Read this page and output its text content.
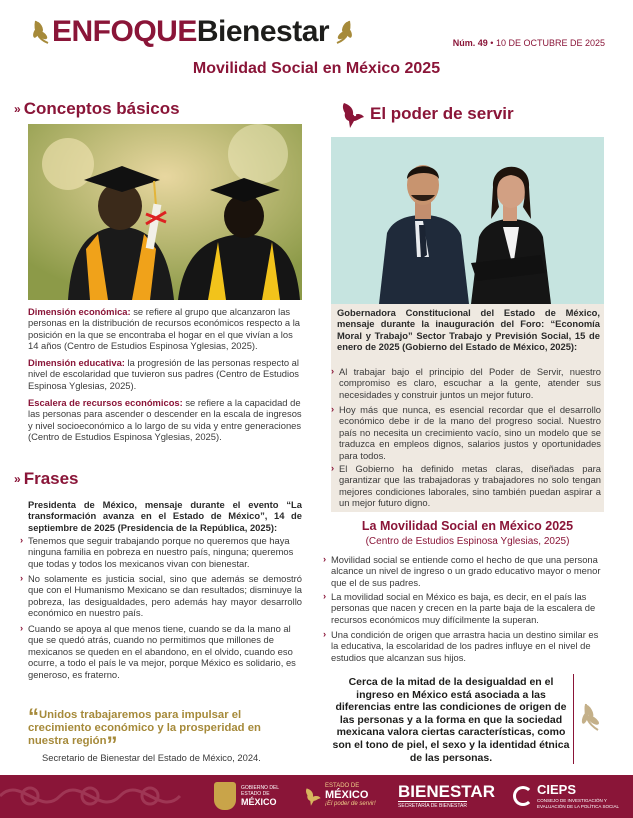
ENFOQUE Bienestar	Núm. 49 • 10 DE OCTUBRE DE 2025
Movilidad Social en México 2025
» Conceptos básicos
Dimensión económica: se refiere al grupo que alcanzaron las personas en la distribución de recursos económicos respecto a la posición en la que se encontraba el hogar en el que vivían a los 14 años (Centro de Estudios Espinosa Yglesias, 2025).
Dimensión educativa: la progresión de las personas respecto al nivel de escolaridad que tuvieron sus padres (Centro de Estudios Espinosa Yglesias, 2025).
Escalera de recursos económicos: se refiere a la capacidad de las personas para ascender o descender en la escala de ingresos y nivel socioeconómico a lo largo de su vida y entre generaciones (Centro de Estudios Espinosa Yglesias, 2025).
» Frases
Presidenta de México, mensaje durante el evento “La transformación avanza en el Estado de México”, 14 de septiembre de 2025 (Presidencia de la República, 2025):
› Tenemos que seguir trabajando porque no queremos que haya ninguna familia en pobreza en nuestro país, ninguna; queremos que todas y todos los mexicanos vivan con bienestar.
› No solamente es justicia social, sino que además se demostró que con el Humanismo Mexicano se dan resultados; disminuye la pobreza, las desigualdades, pero además hay mayor desarrollo económico en nuestro país.
› Cuando se apoya al que menos tiene, cuando se da la mano al que se quedó atrás, cuando no permitimos que millones de mexicanos se queden en el abandono, en el olvido, cuando eso ocurre, a todo el país le va mejor, porque México es solidario, es generoso, es fraterno.
“Unidos trabajaremos para impulsar el crecimiento económico y la prosperidad en nuestra región”
Secretario de Bienestar del Estado de México, 2024.
El poder de servir
Gobernadora Constitucional del Estado de México, mensaje durante la inauguración del Foro: “Economía Moral y Trabajo” Sector Trabajo y Previsión Social, 15 de enero de 2025 (Gobierno del Estado de México, 2025):
› Al trabajar bajo el principio del Poder de Servir, nuestro compromiso es claro, escuchar a la gente, atender sus necesidades y construir juntos un mejor futuro.
› Hoy más que nunca, es esencial recordar que el desarrollo económico debe ir de la mano del progreso social. Nuestro país no necesita un crecimiento vacío, sino un modelo que se traduzca en empleos dignos, salarios justos y oportunidades para todos.
› El Gobierno ha definido metas claras, diseñadas para garantizar que las trabajadoras y trabajadores no solo tengan mejores condiciones laborales, sino también puedan aspirar a un mejor futuro digno.
La Movilidad Social en México 2025
(Centro de Estudios Espinosa Yglesias, 2025)
› Movilidad social se entiende como el hecho de que una persona alcance un nivel de ingreso o un grado educativo mayor o menor que el de sus padres.
› La movilidad social en México es baja, es decir, en el país las personas que nacen y crecen en la parte baja de la escalera de recursos económicos muy difícilmente la superan.
› Una condición de origen que arrastra hacia un destino similar es la educativa, la escolaridad de los padres influye en el nivel de estudios que alcanzan sus hijos.
Cerca de la mitad de la desigualdad en el ingreso en México está asociada a las diferencias entre las condiciones de origen de las personas y a la forma en que la sociedad mexicana valora ciertas características, como son el tono de piel, el sexo y la identidad étnica de las personas.
GOBIERNO DEL
ESTADO DE
MÉXICO
ESTADO DE
MÉXICO
¡El poder de servir!
BIENESTAR
SECRETARÍA DE BIENESTAR
CIEPS
CONSEJO DE INVESTIGACIÓN Y
EVALUACIÓN DE LA POLÍTICA SOCIAL
